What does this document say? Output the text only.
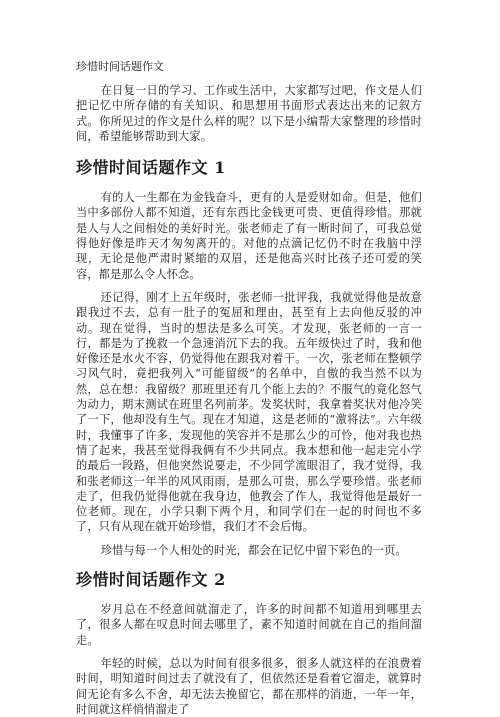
珍惜时间话题作文

在日复一日的学习、工作或生活中，大家都写过吧，作文是人们把记忆中所存储的有关知识、和思想用书面形式表达出来的记叙方式。你所见过的作文是什么样的呢？以下是小编帮大家整理的珍惜时间，希望能够帮助到大家。

珍惜时间话题作文 1

有的人一生都在为金钱奋斗，更有的人是爱财如命。但是，他们当中多部份人都不知道，还有东西比金钱更可贵、更值得珍惜。那就是人与人之间相处的美好时光。张老师走了有一断时间了，可我总觉得他好像是昨天才匆匆离开的。对他的点滴记忆仍不时在我脑中浮现，无论是他严肃时紧缩的双眉，还是他高兴时比孩子还可爱的笑容，都是那么令人怀念。

还记得，刚才上五年级时，张老师一批评我，我就觉得他是故意跟我过不去，总有一肚子的冤屈和理由，甚至有上去向他反驳的冲动。现在觉得，当时的想法是多么可笑。才发现，张老师的一言一行，都是为了挽救一个急速消沉下去的我。五年级快过了时，我和他好像还是水火不容，仍觉得他在跟我对着干。一次，张老师在整顿学习风气时，竟把我列入“可能留级”的名单中，自傲的我当然不以为然，总在想：我留级？那班里还有几个能上去的？不服气的竟化怒气为动力，期末测试在班里名列前茅。发奖状时，我拿着奖状对他冷笑了一下，他却没有生气。现在才知道，这是老师的“激将法”。六年级时，我懂事了许多，发现他的笑容并不是那么少的可怜，他对我也热情了起来，我甚至觉得我俩有不少共同点。我本想和他一起走完小学的最后一段路，但他突然说要走，不少同学流眼泪了，我才觉得，我和张老师这一年半的风风雨雨，是那么可贵，那么学要珍惜。张老师走了，但我仍觉得他就在我身边，他教会了作人，我觉得他是最好一位老师。现在，小学只剩下两个月，和同学们在一起的时间也不多了，只有从现在就开始珍惜，我们才不会后悔。

珍惜与每一个人相处的时光，都会在记忆中留下彩色的一页。

珍惜时间话题作文 2

岁月总在不经意间就溜走了，许多的时间都不知道用到哪里去了，很多人都在叹息时间去哪里了，素不知道时间就在自己的指间溜走。

年轻的时候，总以为时间有很多很多，很多人就这样的在浪费着时间，明知道时间过去了就没有了，但依然还是看着它溜走，就算时间无论有多么不舍，却无法去挽留它，都在那样的消逝，一年一年，时间就这样悄悄溜走了
